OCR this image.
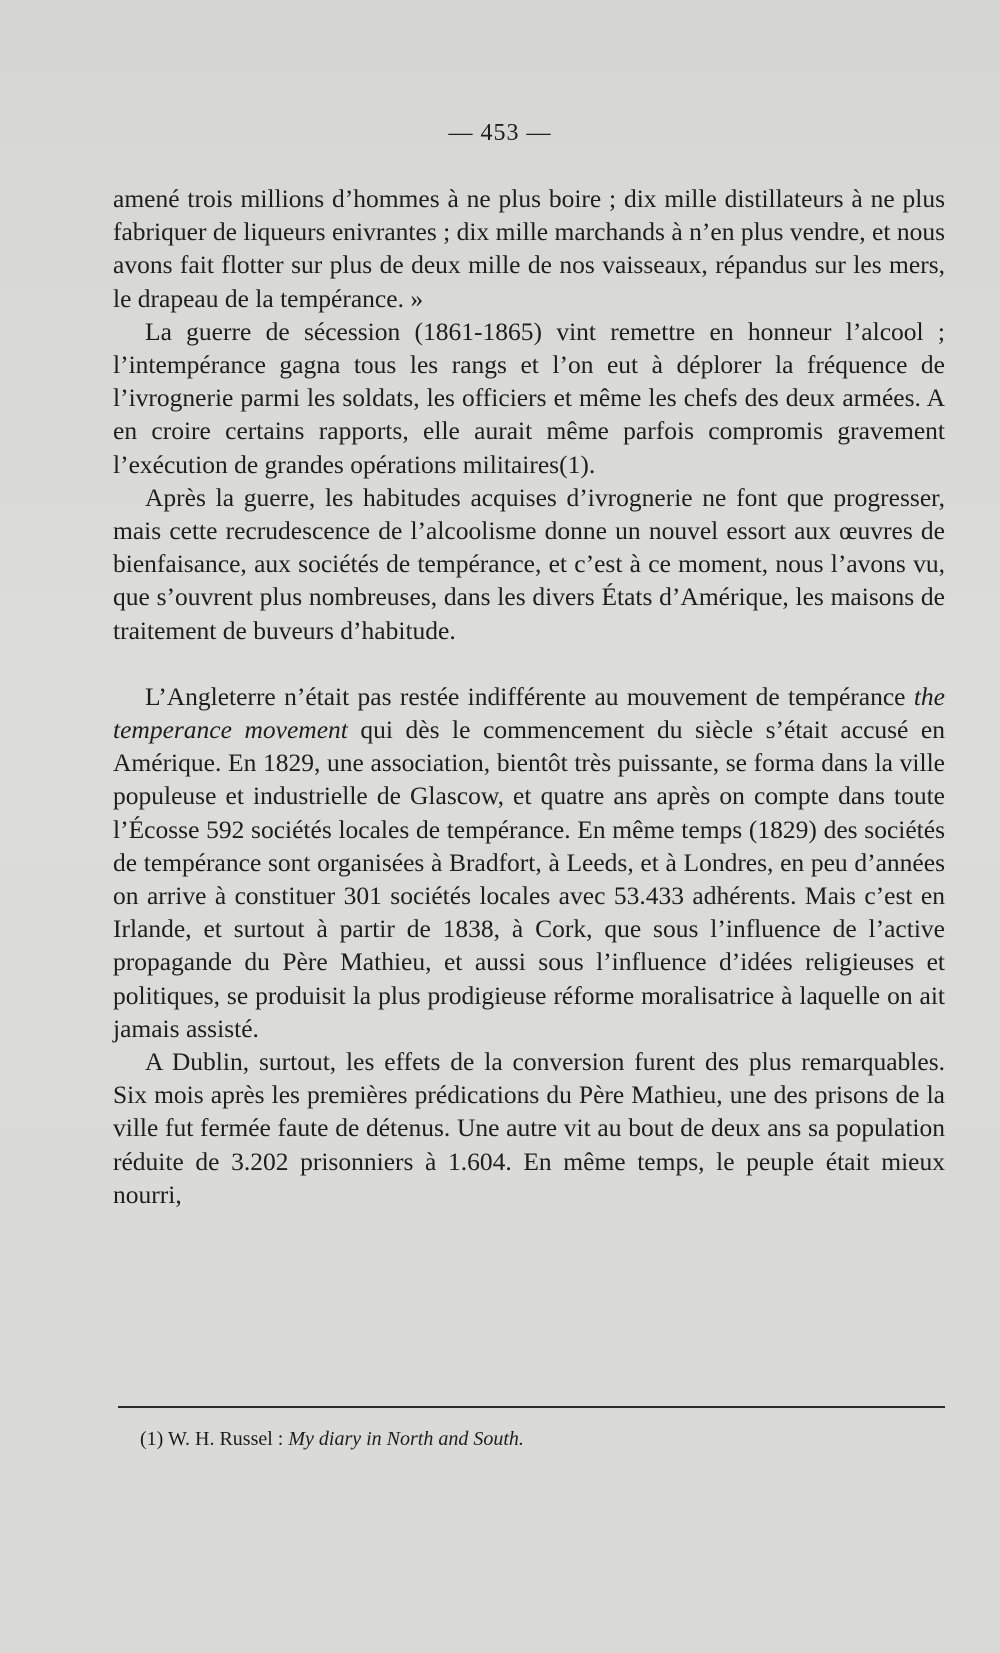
— 453 —

amené trois millions d’hommes à ne plus boire ; dix mille distillateurs à ne plus fabriquer de liqueurs enivrantes ; dix mille marchands à n’en plus vendre, et nous avons fait flotter sur plus de deux mille de nos vaisseaux, répandus sur les mers, le drapeau de la tempérance. »

La guerre de sécession (1861-1865) vint remettre en honneur l’alcool ; l’intempérance gagna tous les rangs et l’on eut à déplorer la fréquence de l’ivrognerie parmi les soldats, les officiers et même les chefs des deux armées. A en croire certains rapports, elle aurait même parfois compromis gravement l’exécution de grandes opérations militaires(1).

Après la guerre, les habitudes acquises d’ivrognerie ne font que progresser, mais cette recrudescence de l’alcoolisme donne un nouvel essort aux œuvres de bienfaisance, aux sociétés de tempérance, et c’est à ce moment, nous l’avons vu, que s’ouvrent plus nombreuses, dans les divers États d’Amérique, les maisons de traitement de buveurs d’habitude.

L’Angleterre n’était pas restée indifférente au mouvement de tempérance the temperance movement qui dès le commencement du siècle s’était accusé en Amérique. En 1829, une association, bientôt très puissante, se forma dans la ville populeuse et industrielle de Glascow, et quatre ans après on compte dans toute l’Écosse 592 sociétés locales de tempérance. En même temps (1829) des sociétés de tempérance sont organisées à Bradfort, à Leeds, et à Londres, en peu d’années on arrive à constituer 301 sociétés locales avec 53.433 adhérents. Mais c’est en Irlande, et surtout à partir de 1838, à Cork, que sous l’influence de l’active propagande du Père Mathieu, et aussi sous l’influence d’idées religieuses et politiques, se produisit la plus prodigieuse réforme moralisatrice à laquelle on ait jamais assisté.

A Dublin, surtout, les effets de la conversion furent des plus remarquables. Six mois après les premières prédications du Père Mathieu, une des prisons de la ville fut fermée faute de détenus. Une autre vit au bout de deux ans sa population réduite de 3.202 prisonniers à 1.604. En même temps, le peuple était mieux nourri,

(1) W. H. Russel : My diary in North and South.
